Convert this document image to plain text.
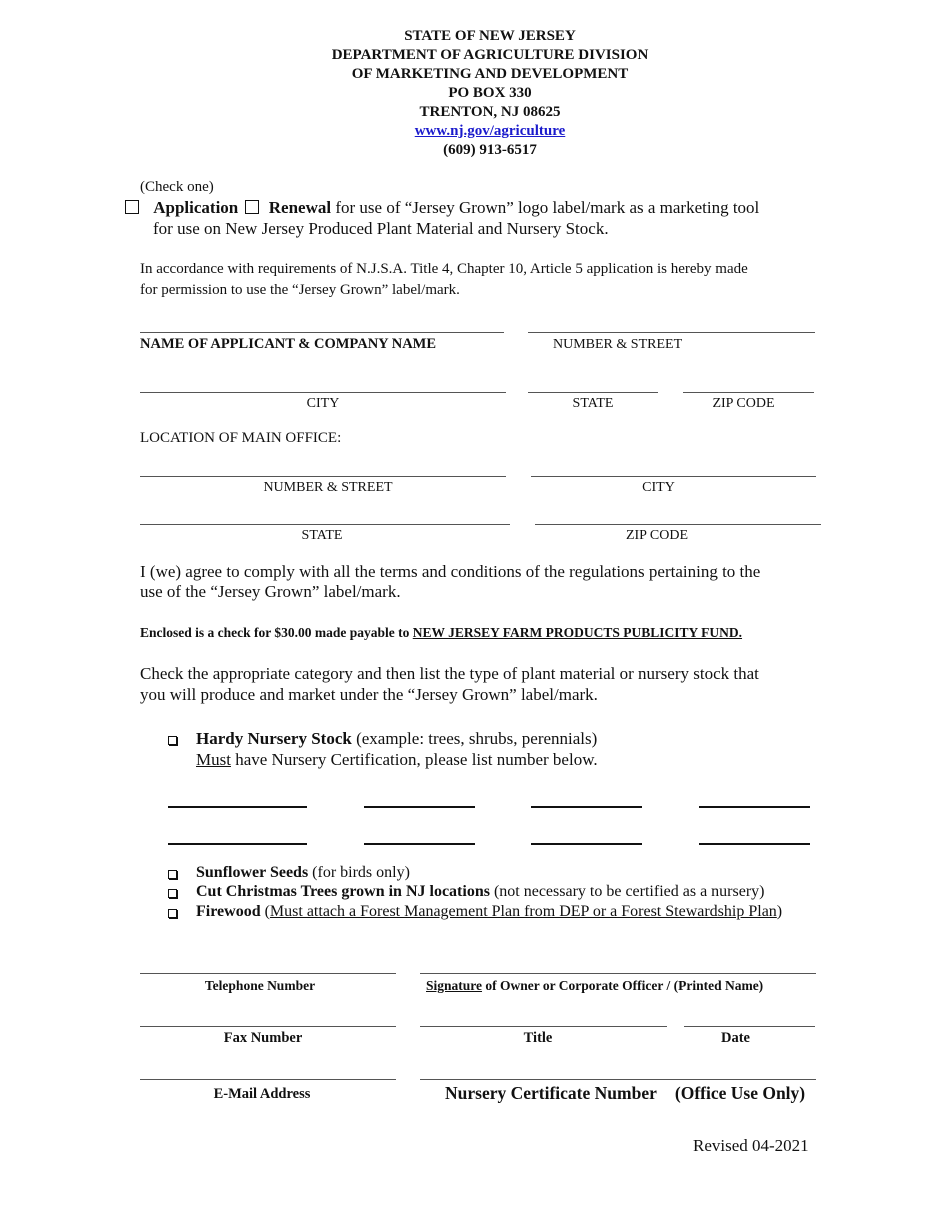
STATE OF NEW JERSEY
DEPARTMENT OF AGRICULTURE DIVISION
OF MARKETING AND DEVELOPMENT
PO BOX 330
TRENTON, NJ 08625
www.nj.gov/agriculture
(609) 913-6517
(Check one)
Application Renewal for use of “Jersey Grown” logo label/mark as a marketing tool
for use on New Jersey Produced Plant Material and Nursery Stock.
In accordance with requirements of N.J.S.A. Title 4, Chapter 10, Article 5 application is hereby made
for permission to use the “Jersey Grown” label/mark.
NAME OF APPLICANT & COMPANY NAME	NUMBER & STREET
CITY	STATE	ZIP CODE
LOCATION OF MAIN OFFICE:
NUMBER & STREET	CITY
STATE	ZIP CODE
I (we) agree to comply with all the terms and conditions of the regulations pertaining to the
use of the “Jersey Grown” label/mark.
Enclosed is a check for $30.00 made payable to NEW JERSEY FARM PRODUCTS PUBLICITY FUND.
Check the appropriate category and then list the type of plant material or nursery stock that
you will produce and market under the “Jersey Grown” label/mark.
Hardy Nursery Stock (example: trees, shrubs, perennials)
Must have Nursery Certification, please list number below.
Sunflower Seeds (for birds only)
Cut Christmas Trees grown in NJ locations (not necessary to be certified as a nursery)
Firewood (Must attach a Forest Management Plan from DEP or a Forest Stewardship Plan)
Telephone Number	Signature of Owner or Corporate Officer / (Printed Name)
Fax Number	Title	Date
E-Mail Address	Nursery Certificate Number (Office Use Only)
Revised 04-2021
